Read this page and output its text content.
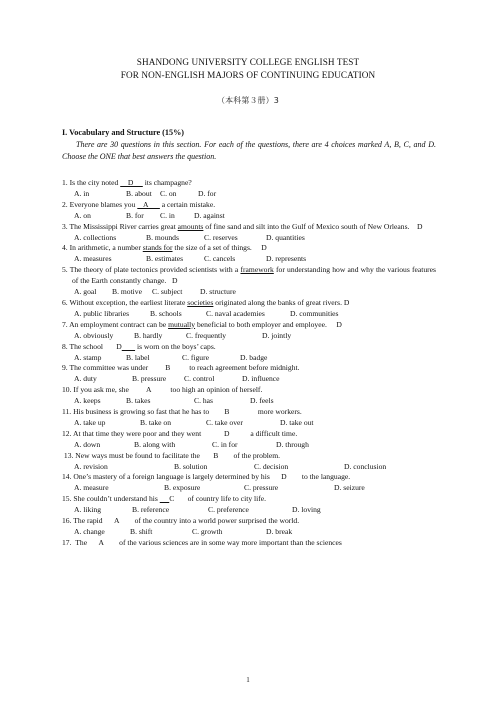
SHANDONG UNIVERSITY COLLEGE ENGLISH TEST
FOR NON-ENGLISH MAJORS OF CONTINUING EDUCATION
（本科第３册）3
I. Vocabulary and Structure (15%)
There are 30 questions in this section. For each of the questions, there are 4 choices marked A, B, C, and D. Choose the ONE that best answers the question.
1. Is the city noted     D      its champagne?
A. in	B. about C. on	D. for
2. Everyone blames you    A       a certain mistake.
A. on	B. for C. in	D. against
3. The Mississippi River carries great amounts of fine sand and silt into the Gulf of Mexico south of New Orleans.    D
A. collections	B. mounds	C. reserves	D. quantities
4. In arithmetic, a number stands for the size of a set of things.     D
A. measures	B. estimates	C. cancels	D. represents
5. The theory of plate tectonics provided scientists with a framework for understanding how and why the various features of the Earth constantly change.   D
A. goal B. motive C. subject D. structure
6. Without exception, the earliest literate societies originated along the banks of great rivers. D
A. public libraries	B. schools	C. naval academies	D. communities
7. An employment contract can be mutually beneficial to both employer and employee.     D
A. obviously	B. hardly	C. frequently	D. jointly
8. The school       D        is worn on the boys’ caps.
A. stamp	B. label	C. figure	D. badge
9. The committee was under         B          to reach agreement before midnight.
A. duty	B. pressure C. control	D. influence
10. If you ask me, she         A          too high an opinion of herself.
A. keeps	B. takes	C. has	D. feels
11. His business is growing so fast that he has to        B               more workers.
A. take up	B. take on	C. take over	D. take out
12. At that time they were poor and they went            D           a difficult time.
A. down	B. along with	C. in for	D. through
13. New ways must be found to facilitate the       B        of the problem.
A. revision	B. solution	C. decision	D. conclusion
14. One’s mastery of a foreign language is largely determined by his      D        to the language.
A. measure	B. exposure	C. pressure	D. seizure
15. She couldn’t understand his      C       of country life to city life.
A. liking	B. reference	C. preference	D. loving
16. The rapid      A        of the country into a world power surprised the world.
A. change	B. shift	C. growth	D. break
17.  The      A        of the various sciences are in some way more important than the sciences
1
